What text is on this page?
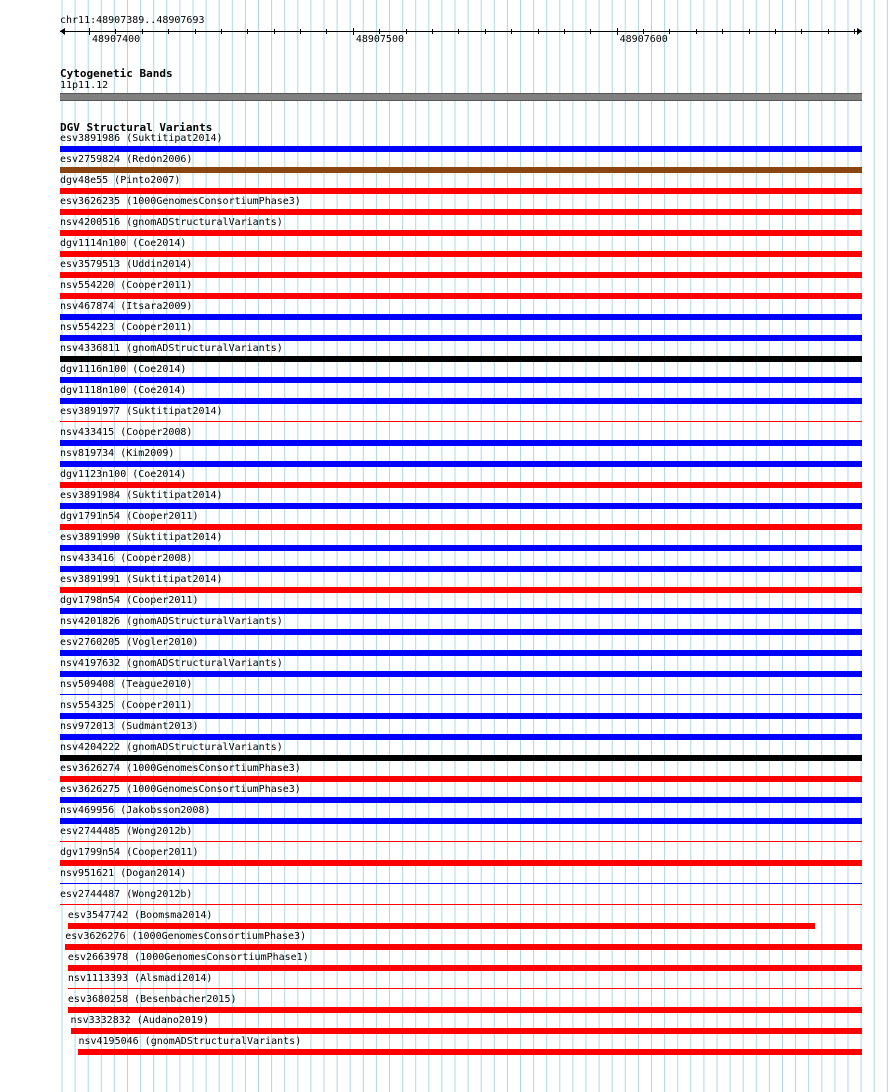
chr11:48907389..48907693
48907400	48907500	48907600
Cytogenetic Bands
11p11.12
DGV Structural Variants
esv3891986 (Suktitipat2014)
esv2759824 (Redon2006)
dgv48e55 (Pinto2007)
esv3626235 (1000GenomesConsortiumPhase3)
nsv4200516 (gnomADStructuralVariants)
dgv1114n100 (Coe2014)
esv3579513 (Uddin2014)
nsv554220 (Cooper2011)
nsv467874 (Itsara2009)
nsv554223 (Cooper2011)
nsv4336811 (gnomADStructuralVariants)
dgv1116n100 (Coe2014)
dgv1118n100 (Coe2014)
esv3891977 (Suktitipat2014)
nsv433415 (Cooper2008)
nsv819734 (Kim2009)
dgv1123n100 (Coe2014)
esv3891984 (Suktitipat2014)
dgv1791n54 (Cooper2011)
esv3891990 (Suktitipat2014)
nsv433416 (Cooper2008)
esv3891991 (Suktitipat2014)
dgv1798n54 (Cooper2011)
nsv4201826 (gnomADStructuralVariants)
esv2760205 (Vogler2010)
nsv4197632 (gnomADStructuralVariants)
nsv509408 (Teague2010)
nsv554325 (Cooper2011)
nsv972013 (Sudmant2013)
nsv4204222 (gnomADStructuralVariants)
esv3626274 (1000GenomesConsortiumPhase3)
esv3626275 (1000GenomesConsortiumPhase3)
nsv469956 (Jakobsson2008)
esv2744485 (Wong2012b)
dgv1799n54 (Cooper2011)
nsv951621 (Dogan2014)
esv2744487 (Wong2012b)
esv3547742 (Boomsma2014)
esv3626276 (1000GenomesConsortiumPhase3)
esv2663978 (1000GenomesConsortiumPhase1)
nsv1113393 (Alsmadi2014)
esv3680258 (Besenbacher2015)
nsv3332832 (Audano2019)
nsv4195046 (gnomADStructuralVariants)
